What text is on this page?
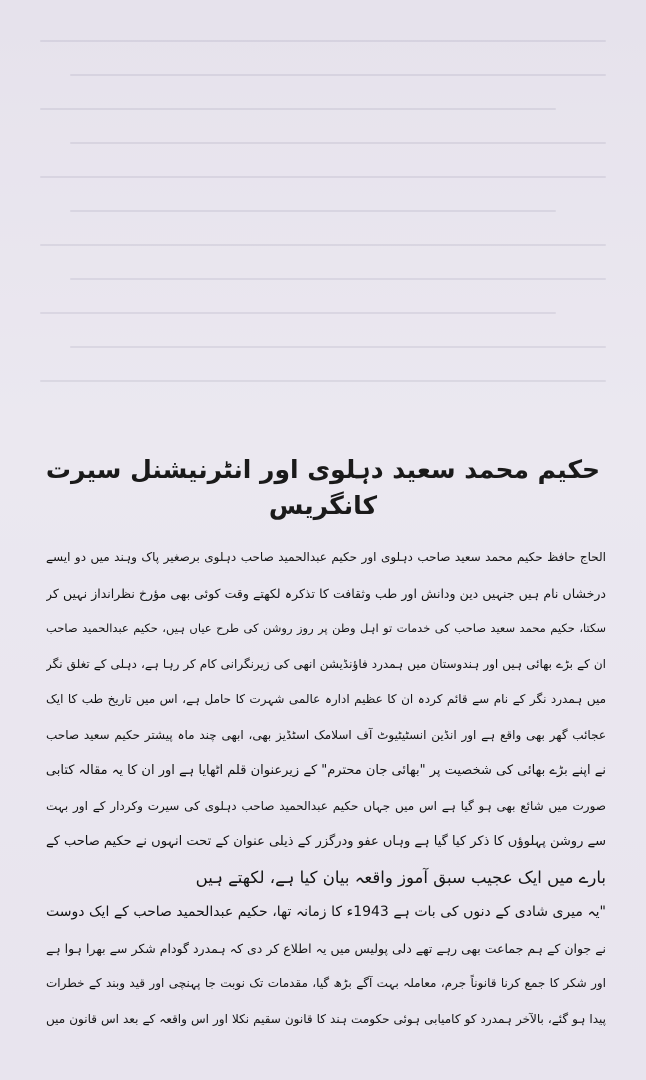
حکیم محمد سعید دہلوی اور انٹرنیشنل سیرت کانگریس
الحاج حافظ حکیم محمد سعید صاحب دہلوی اور حکیم عبدالحمید صاحب دہلوی برصغیر پاک وہند میں دو ایسے
درخشاں نام ہیں جنہیں دین ودانش اور طب وثقافت کا تذکرہ لکھتے وقت کوئی بھی مؤرخ نظرانداز نہیں کر
سکتا، حکیم محمد سعید صاحب کی خدمات تو اہل وطن پر روز روشن کی طرح عیاں ہیں، حکیم عبدالحمید صاحب
ان کے بڑے بھائی ہیں اور ہندوستان میں ہمدرد فاؤنڈیشن انھی کی زیرنگرانی کام کر رہا ہے، دہلی کے تغلق نگر
میں ہمدرد نگر کے نام سے قائم کردہ ان کا عظیم ادارہ عالمی شہرت کا حامل ہے، اس میں تاریخ طب کا ایک
عجائب گھر بھی واقع ہے اور انڈین انسٹیٹیوٹ آف اسلامک اسٹڈیز بھی، ابھی چند ماہ پیشتر حکیم سعید صاحب
نے اپنے بڑے بھائی کی شخصیت پر "بھائی جان محترم" کے زیرعنوان قلم اٹھایا ہے اور ان کا یہ مقالہ کتابی
صورت میں شائع بھی ہو گیا ہے اس میں جہاں حکیم عبدالحمید صاحب دہلوی کی سیرت وکردار کے اور بہت
سے روشن پہلوؤں کا ذکر کیا گیا ہے وہاں عفو ودرگزر کے ذیلی عنوان کے تحت انہوں نے حکیم صاحب کے
بارے میں ایک عجیب سبق آموز واقعہ بیان کیا ہے، لکھتے ہیں
"یہ میری شادی کے دنوں کی بات ہے 1943ء کا زمانہ تھا، حکیم عبدالحمید صاحب کے ایک دوست
نے جوان کے ہم جماعت بھی رہے تھے دلی پولیس میں یہ اطلاع کر دی کہ ہمدرد گودام شکر سے بھرا ہوا ہے
اور شکر کا جمع کرنا قانوناً جرم، معاملہ بہت آگے بڑھ گیا، مقدمات تک نوبت جا پہنچی اور قید وبند کے خطرات
پیدا ہو گئے، بالآخر ہمدرد کو کامیابی ہوئی حکومت ہند کا قانون سقیم نکلا اور اس واقعہ کے بعد اس قانون میں
